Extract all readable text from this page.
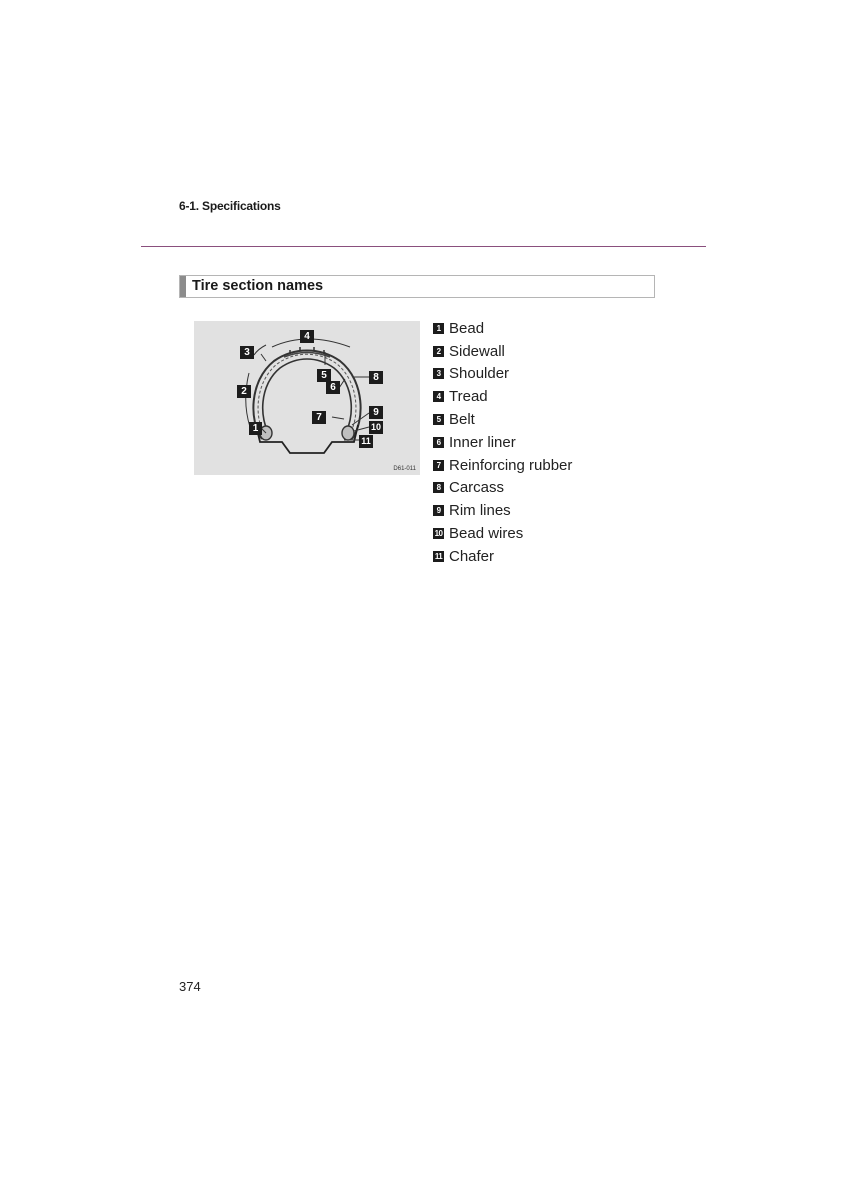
6-1. Specifications
Tire section names
4
3
5
6
8
2
7	9
10
1
11
D61-011
1 Bead
2 Sidewall
3 Shoulder
4 Tread
5 Belt
6 Inner liner
7 Reinforcing rubber
8 Carcass
9 Rim lines
10 Bead wires
11 Chafer
374
